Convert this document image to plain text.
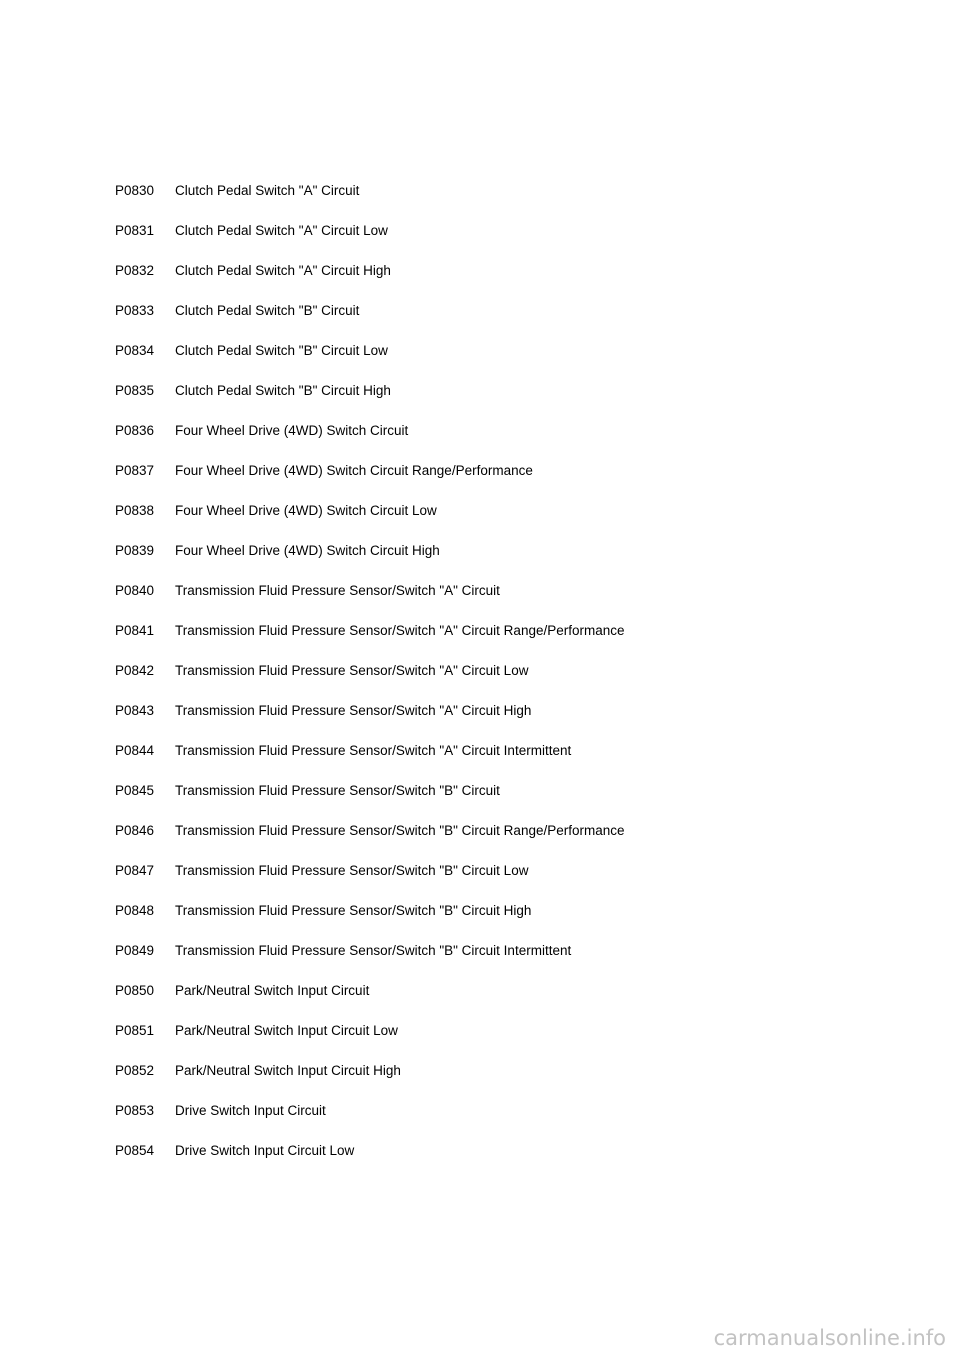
P0830	Clutch Pedal Switch "A" Circuit
P0831	Clutch Pedal Switch "A" Circuit Low
P0832	Clutch Pedal Switch "A" Circuit High
P0833	Clutch Pedal Switch "B" Circuit
P0834	Clutch Pedal Switch "B" Circuit Low
P0835	Clutch Pedal Switch "B" Circuit High
P0836	Four Wheel Drive (4WD) Switch Circuit
P0837	Four Wheel Drive (4WD) Switch Circuit Range/Performance
P0838	Four Wheel Drive (4WD) Switch Circuit Low
P0839	Four Wheel Drive (4WD) Switch Circuit High
P0840	Transmission Fluid Pressure Sensor/Switch "A" Circuit
P0841	Transmission Fluid Pressure Sensor/Switch "A" Circuit Range/Performance
P0842	Transmission Fluid Pressure Sensor/Switch "A" Circuit Low
P0843	Transmission Fluid Pressure Sensor/Switch "A" Circuit High
P0844	Transmission Fluid Pressure Sensor/Switch "A" Circuit Intermittent
P0845	Transmission Fluid Pressure Sensor/Switch "B" Circuit
P0846	Transmission Fluid Pressure Sensor/Switch "B" Circuit Range/Performance
P0847	Transmission Fluid Pressure Sensor/Switch "B" Circuit Low
P0848	Transmission Fluid Pressure Sensor/Switch "B" Circuit High
P0849	Transmission Fluid Pressure Sensor/Switch "B" Circuit Intermittent
P0850	Park/Neutral Switch Input Circuit
P0851	Park/Neutral Switch Input Circuit Low
P0852	Park/Neutral Switch Input Circuit High
P0853	Drive Switch Input Circuit
P0854	Drive Switch Input Circuit Low
carmanualsonline.info
